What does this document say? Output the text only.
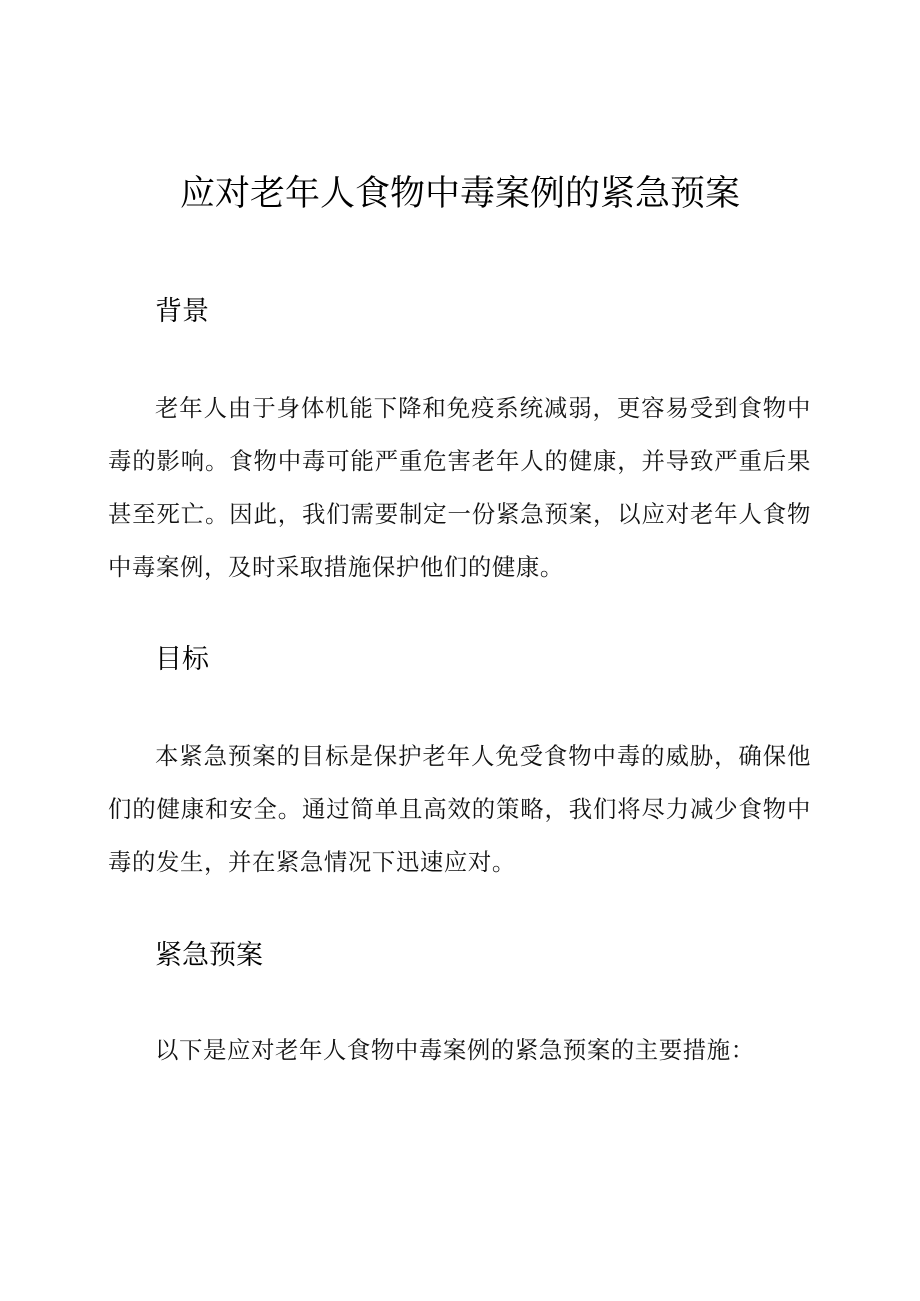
应对老年人食物中毒案例的紧急预案
背景

老年人由于身体机能下降和免疫系统减弱，更容易受到食物中毒的影响。食物中毒可能严重危害老年人的健康，并导致严重后果甚至死亡。因此，我们需要制定一份紧急预案，以应对老年人食物中毒案例，及时采取措施保护他们的健康。

目标

本紧急预案的目标是保护老年人免受食物中毒的威胁，确保他们的健康和安全。通过简单且高效的策略，我们将尽力减少食物中毒的发生，并在紧急情况下迅速应对。

紧急预案

以下是应对老年人食物中毒案例的紧急预案的主要措施：
